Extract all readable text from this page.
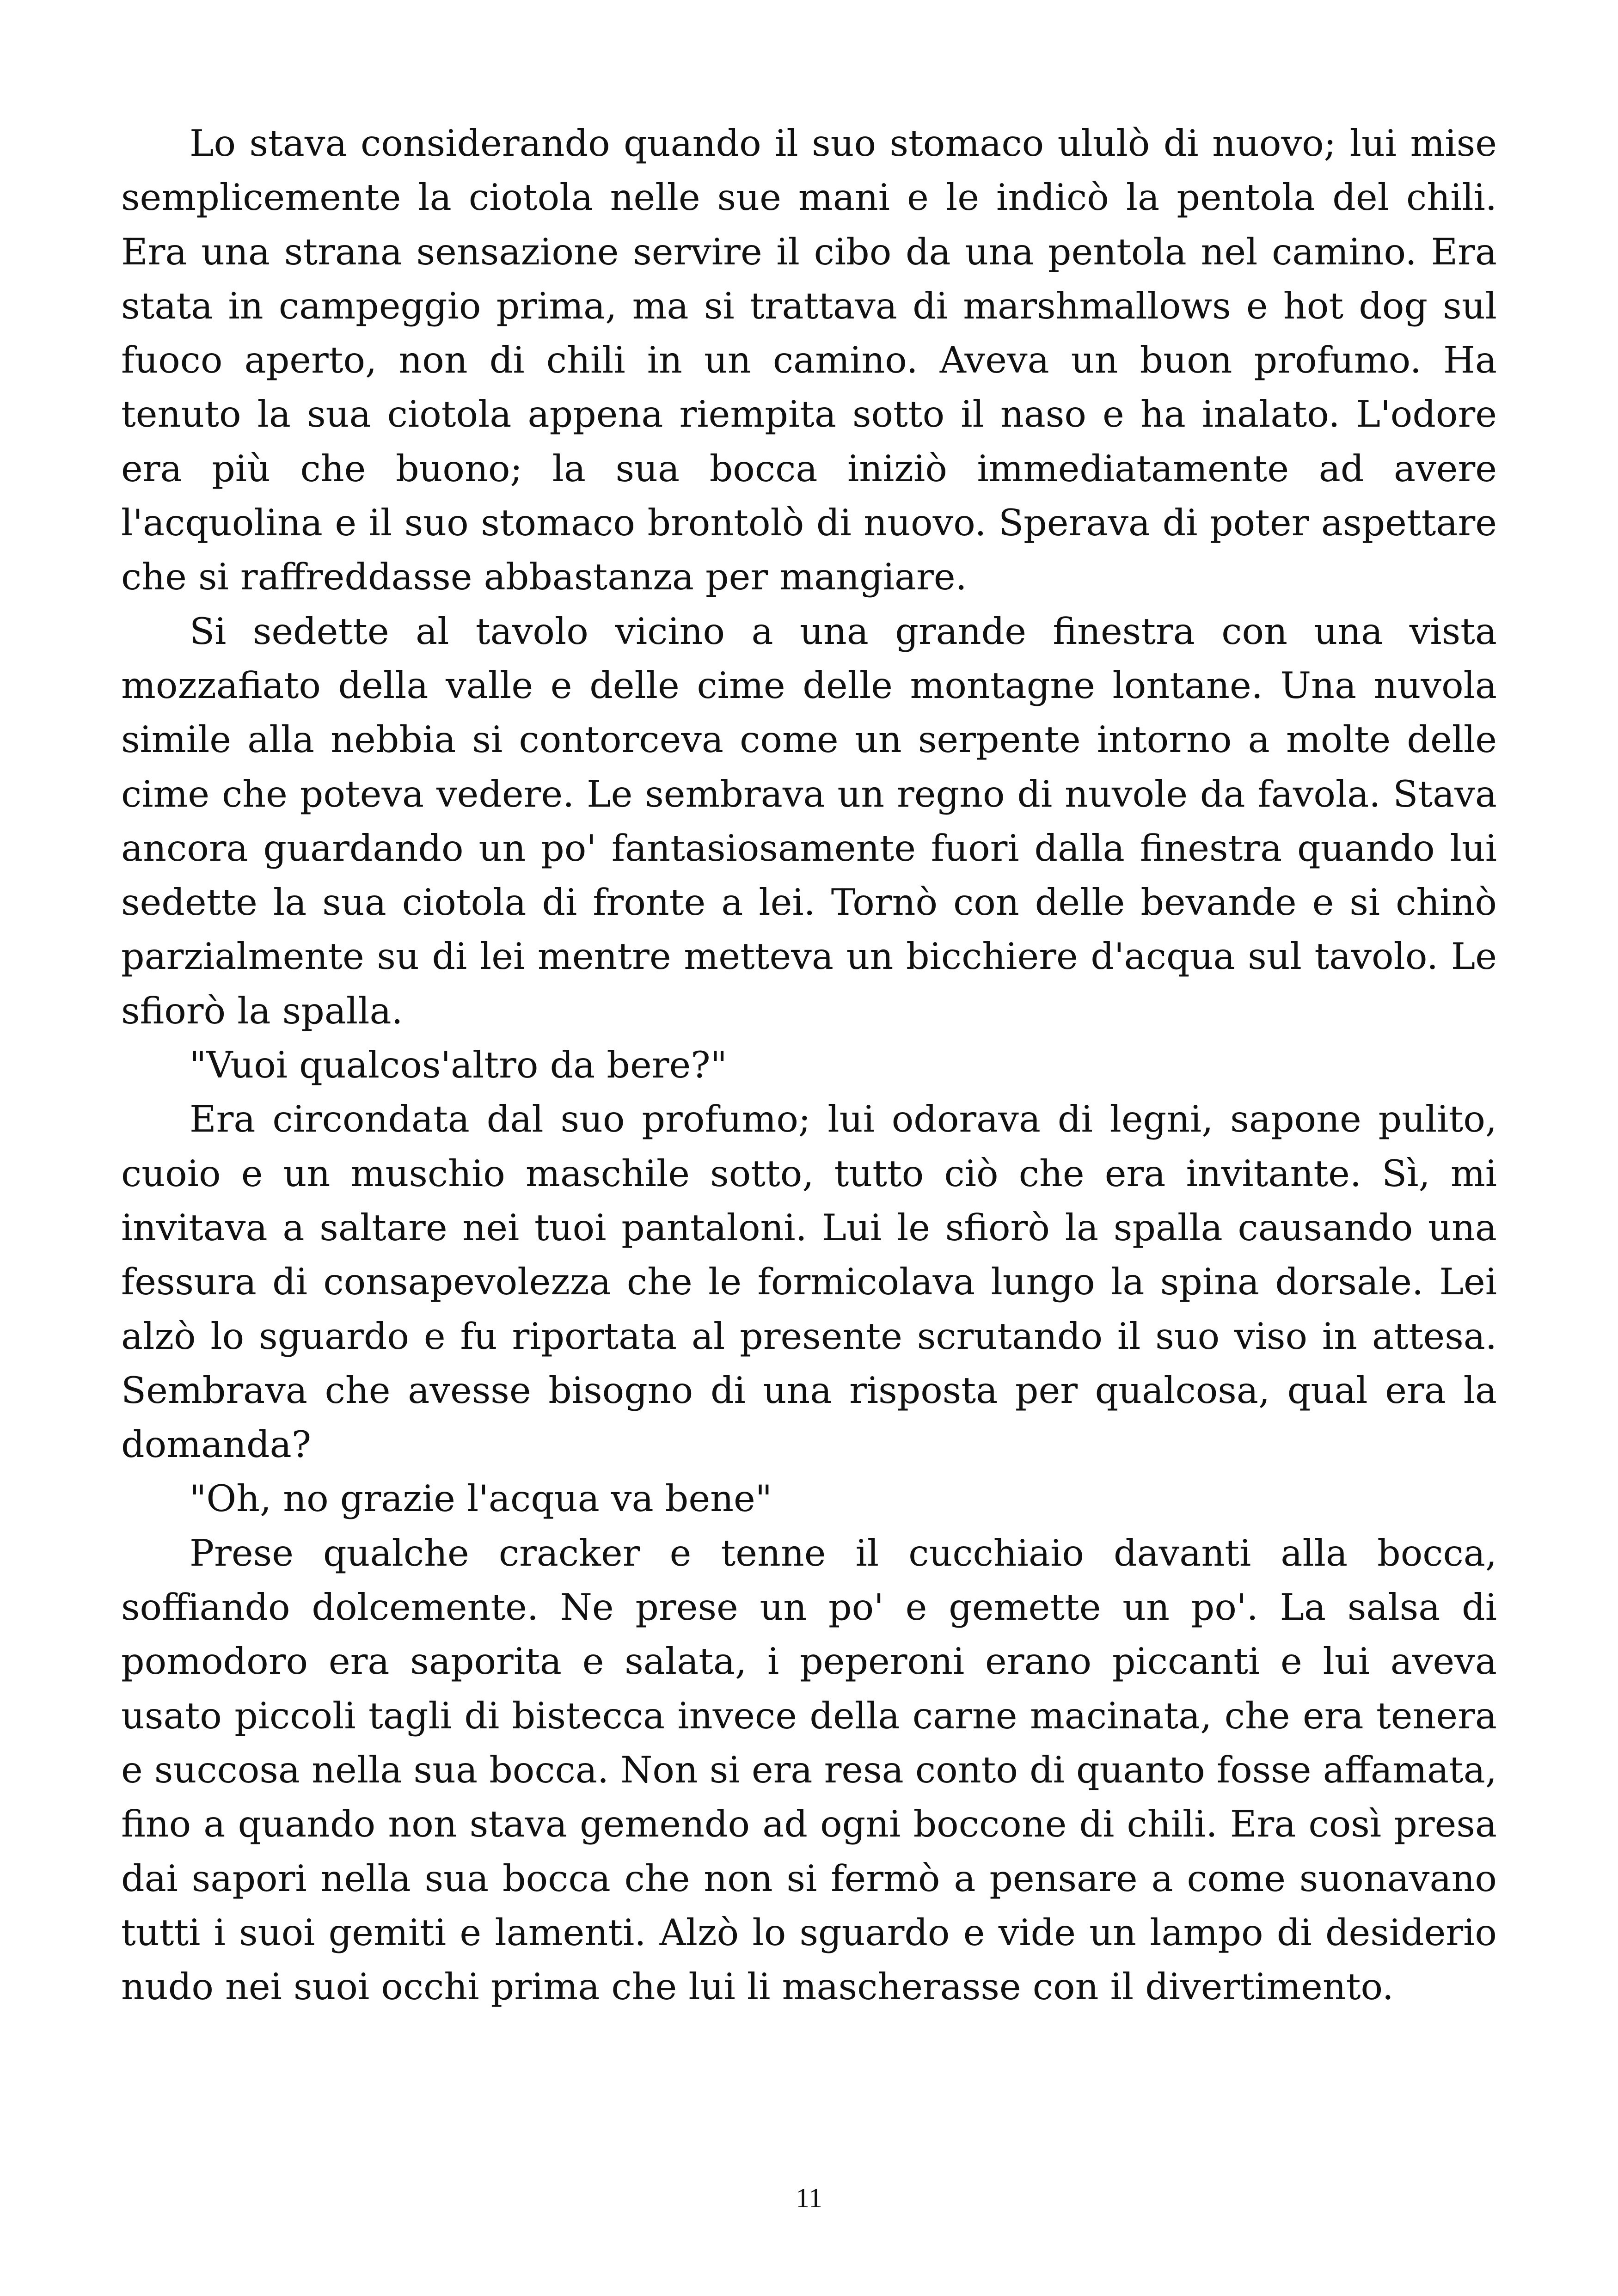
Lo stava considerando quando il suo stomaco ululò di nuovo; lui mise semplicemente la ciotola nelle sue mani e le indicò la pentola del chili. Era una strana sensazione servire il cibo da una pentola nel camino. Era stata in campeggio prima, ma si trattava di marshmallows e hot dog sul fuoco aperto, non di chili in un camino. Aveva un buon profumo. Ha tenuto la sua ciotola appena riempita sotto il naso e ha inalato. L'odore era più che buono; la sua bocca iniziò immediatamente ad avere l'acquolina e il suo stomaco brontolò di nuovo. Sperava di poter aspettare che si raffreddasse abbastanza per mangiare.

Si sedette al tavolo vicino a una grande finestra con una vista mozzafiato della valle e delle cime delle montagne lontane. Una nuvola simile alla nebbia si contorceva come un serpente intorno a molte delle cime che poteva vedere. Le sembrava un regno di nuvole da favola. Stava ancora guardando un po' fantasiosamente fuori dalla finestra quando lui sedette la sua ciotola di fronte a lei. Tornò con delle bevande e si chinò parzialmente su di lei mentre metteva un bicchiere d'acqua sul tavolo. Le sfiorò la spalla.

"Vuoi qualcos'altro da bere?"

Era circondata dal suo profumo; lui odorava di legni, sapone pulito, cuoio e un muschio maschile sotto, tutto ciò che era invitante. Sì, mi invitava a saltare nei tuoi pantaloni. Lui le sfiorò la spalla causando una fessura di consapevolezza che le formicolava lungo la spina dorsale. Lei alzò lo sguardo e fu riportata al presente scrutando il suo viso in attesa. Sembrava che avesse bisogno di una risposta per qualcosa, qual era la domanda?

"Oh, no grazie l'acqua va bene"

Prese qualche cracker e tenne il cucchiaio davanti alla bocca, soffiando dolcemente. Ne prese un po' e gemette un po'. La salsa di pomodoro era saporita e salata, i peperoni erano piccanti e lui aveva usato piccoli tagli di bistecca invece della carne macinata, che era tenera e succosa nella sua bocca. Non si era resa conto di quanto fosse affamata, fino a quando non stava gemendo ad ogni boccone di chili. Era così presa dai sapori nella sua bocca che non si fermò a pensare a come suonavano tutti i suoi gemiti e lamenti. Alzò lo sguardo e vide un lampo di desiderio nudo nei suoi occhi prima che lui li mascherasse con il divertimento.

11
